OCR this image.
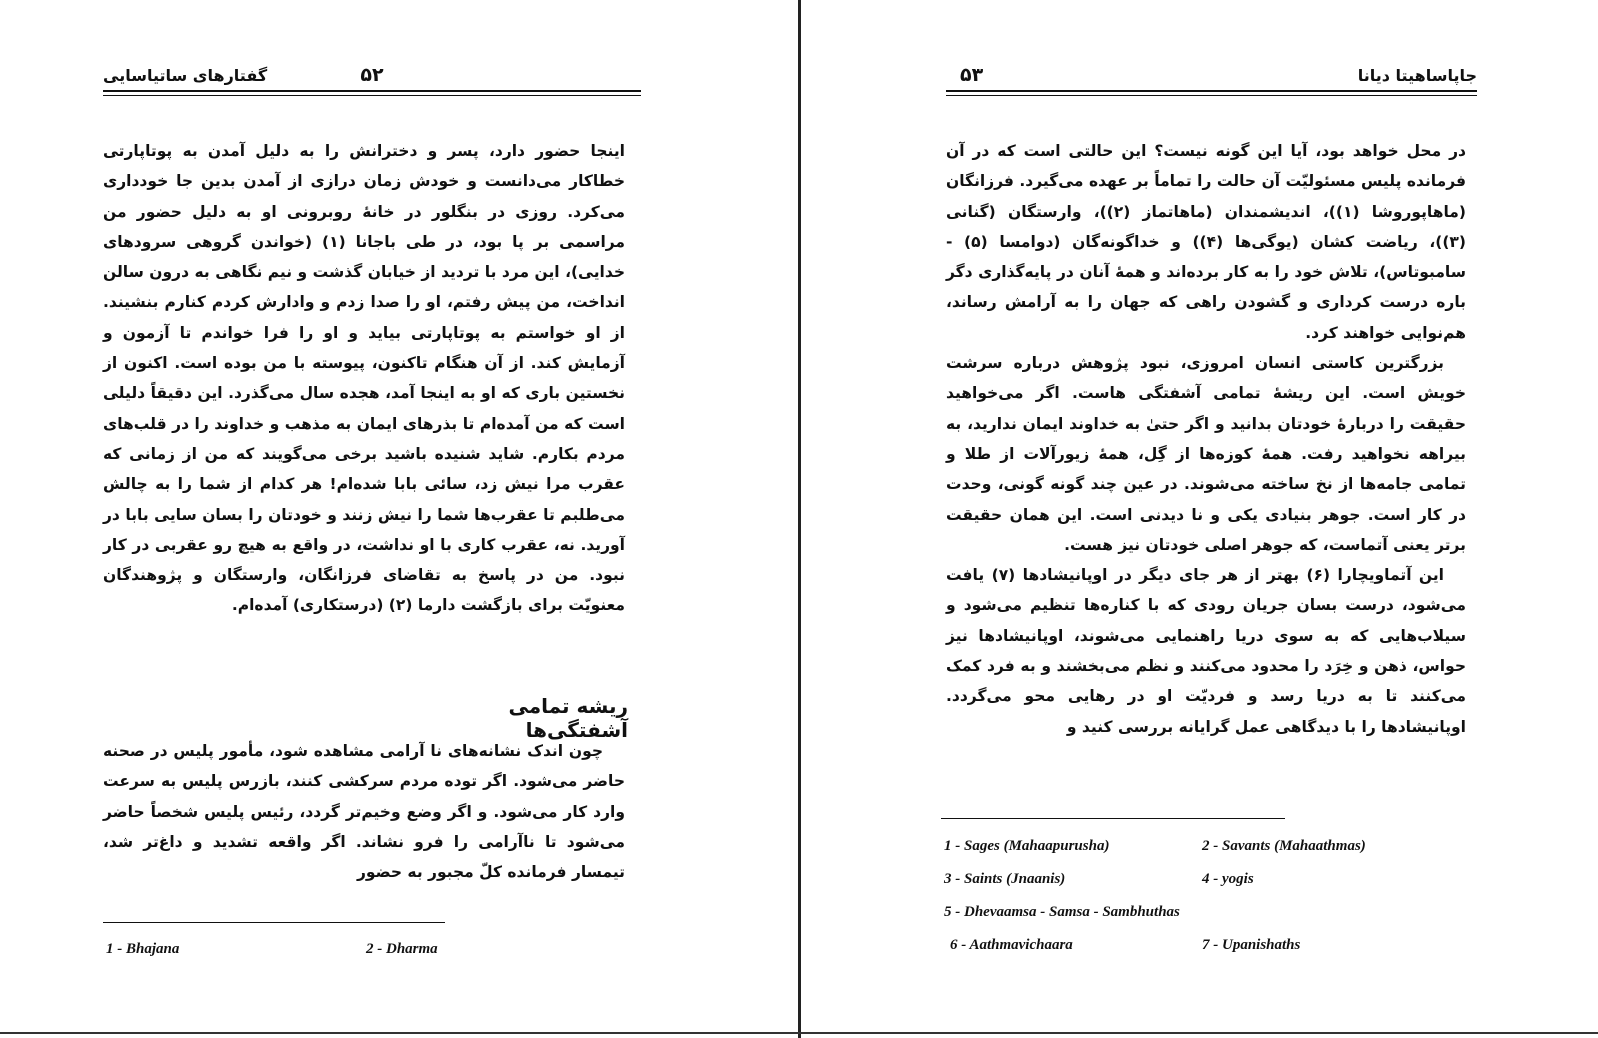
گفتارهای ساتیاسایی	۵۲

اینجا حضور دارد، پسر و دخترانش را به دلیل آمدن به پوتاپارتی خطاکار می‌دانست و خودش زمان درازی از آمدن بدین جا خودداری می‌کرد. روزی در بنگلور در خانهٔ روبرونی او به دلیل حضور من مراسمی بر پا بود، در طی باجانا (۱) (خواندن گروهی سرودهای خدایی)، این مرد با تردید از خیابان گذشت و نیم نگاهی به درون سالن انداخت، من پیش رفتم، او را صدا زدم و وادارش کردم کنارم بنشیند. از او خواستم به پوتاپارتی بیاید و او را فرا خواندم تا آزمون و آزمایش کند. از آن هنگام تاکنون، پیوسته با من بوده است. اکنون از نخستین باری که او به اینجا آمد، هجده سال می‌گذرد. این دقیقاً دلیلی است که من آمده‌ام تا بذرهای ایمان به مذهب و خداوند را در قلب‌های مردم بکارم. شاید شنیده باشید برخی می‌گویند که من از زمانی که عقرب مرا نیش زد، سائی بابا شده‌ام! هر کدام از شما را به چالش می‌طلبم تا عقرب‌ها شما را نیش زنند و خودتان را بسان سایی بابا در آورید. نه، عقرب کاری با او نداشت، در واقع به هیچ رو عقربی در کار نبود. من در پاسخ به تقاضای فرزانگان، وارستگان و پژوهندگان معنویّت برای بازگشت دارما (۲) (درستکاری) آمده‌ام.

ریشه تمامی آشفتگی‌ها

چون اندک نشانه‌های نا آرامی مشاهده شود، مأمور پلیس در صحنه حاضر می‌شود. اگر توده مردم سرکشی کنند، بازرس پلیس به سرعت وارد کار می‌شود. و اگر وضع وخیم‌تر گردد، رئیس پلیس شخصاً حاضر می‌شود تا ناآرامی را فرو نشاند. اگر واقعه تشدید و داغ‌تر شد، تیمسار فرمانده کلّ مجبور به حضور

1 - Bhajana	2 - Dharma
جاپاساهیتا دیانا
۵۳

در محل خواهد بود، آیا این گونه نیست؟ این حالتی است که در آن فرمانده پلیس مسئولیّت آن حالت را تماماً بر عهده می‌گیرد. فرزانگان (ماهاپوروشا (۱))، اندیشمندان (ماهاتماز (۲))، وارستگان (گنانی (۳))، ریاضت کشان (یوگی‌ها (۴)) و خداگونه‌گان (دوامسا (۵) - سامبوتاس)، تلاش خود را به کار برده‌اند و همهٔ آنان در پایه‌گذاری دگر باره درست کرداری و گشودن راهی که جهان را به آرامش رساند، هم‌نوایی خواهند کرد.

بزرگترین کاستی انسان امروزی، نبود پژوهش درباره سرشت خویش است. این ریشهٔ تمامی آشفتگی هاست. اگر می‌خواهید حقیقت را دربارهٔ خودتان بدانید و اگر حتیٰ به خداوند ایمان ندارید، به بیراهه نخواهید رفت. همهٔ کوزه‌ها از گِل، همهٔ زیورآلات از طلا و تمامی جامه‌ها از نخ ساخته می‌شوند. در عین چند گونه گونی، وحدت در کار است. جوهر بنیادی یکی و نا دیدنی است. این همان حقیقت برتر یعنی آتماست، که جوهر اصلی خودتان نیز هست.

این آتماویچارا (۶) بهتر از هر جای دیگر در اوپانیشادها (۷) یافت می‌شود، درست بسان جریان رودی که با کناره‌ها تنظیم می‌شود و سیلاب‌هایی که به سوی دریا راهنمایی می‌شوند، اوپانیشادها نیز حواس، ذهن و خِرَد را محدود می‌کنند و نظم می‌بخشند و به فرد کمک می‌کنند تا به دریا رسد و فردیّت او در رهایی محو می‌گردد. اوپانیشادها را با دیدگاهی عمل گرایانه بررسی کنید و

1 - Sages (Mahaapurusha)	2 - Savants (Mahaathmas)
3 - Saints (Jnaanis)	4 - yogis
5 - Dhevaamsa - Samsa - Sambhuthas
6 - Aathmavichaara	7 - Upanishaths
